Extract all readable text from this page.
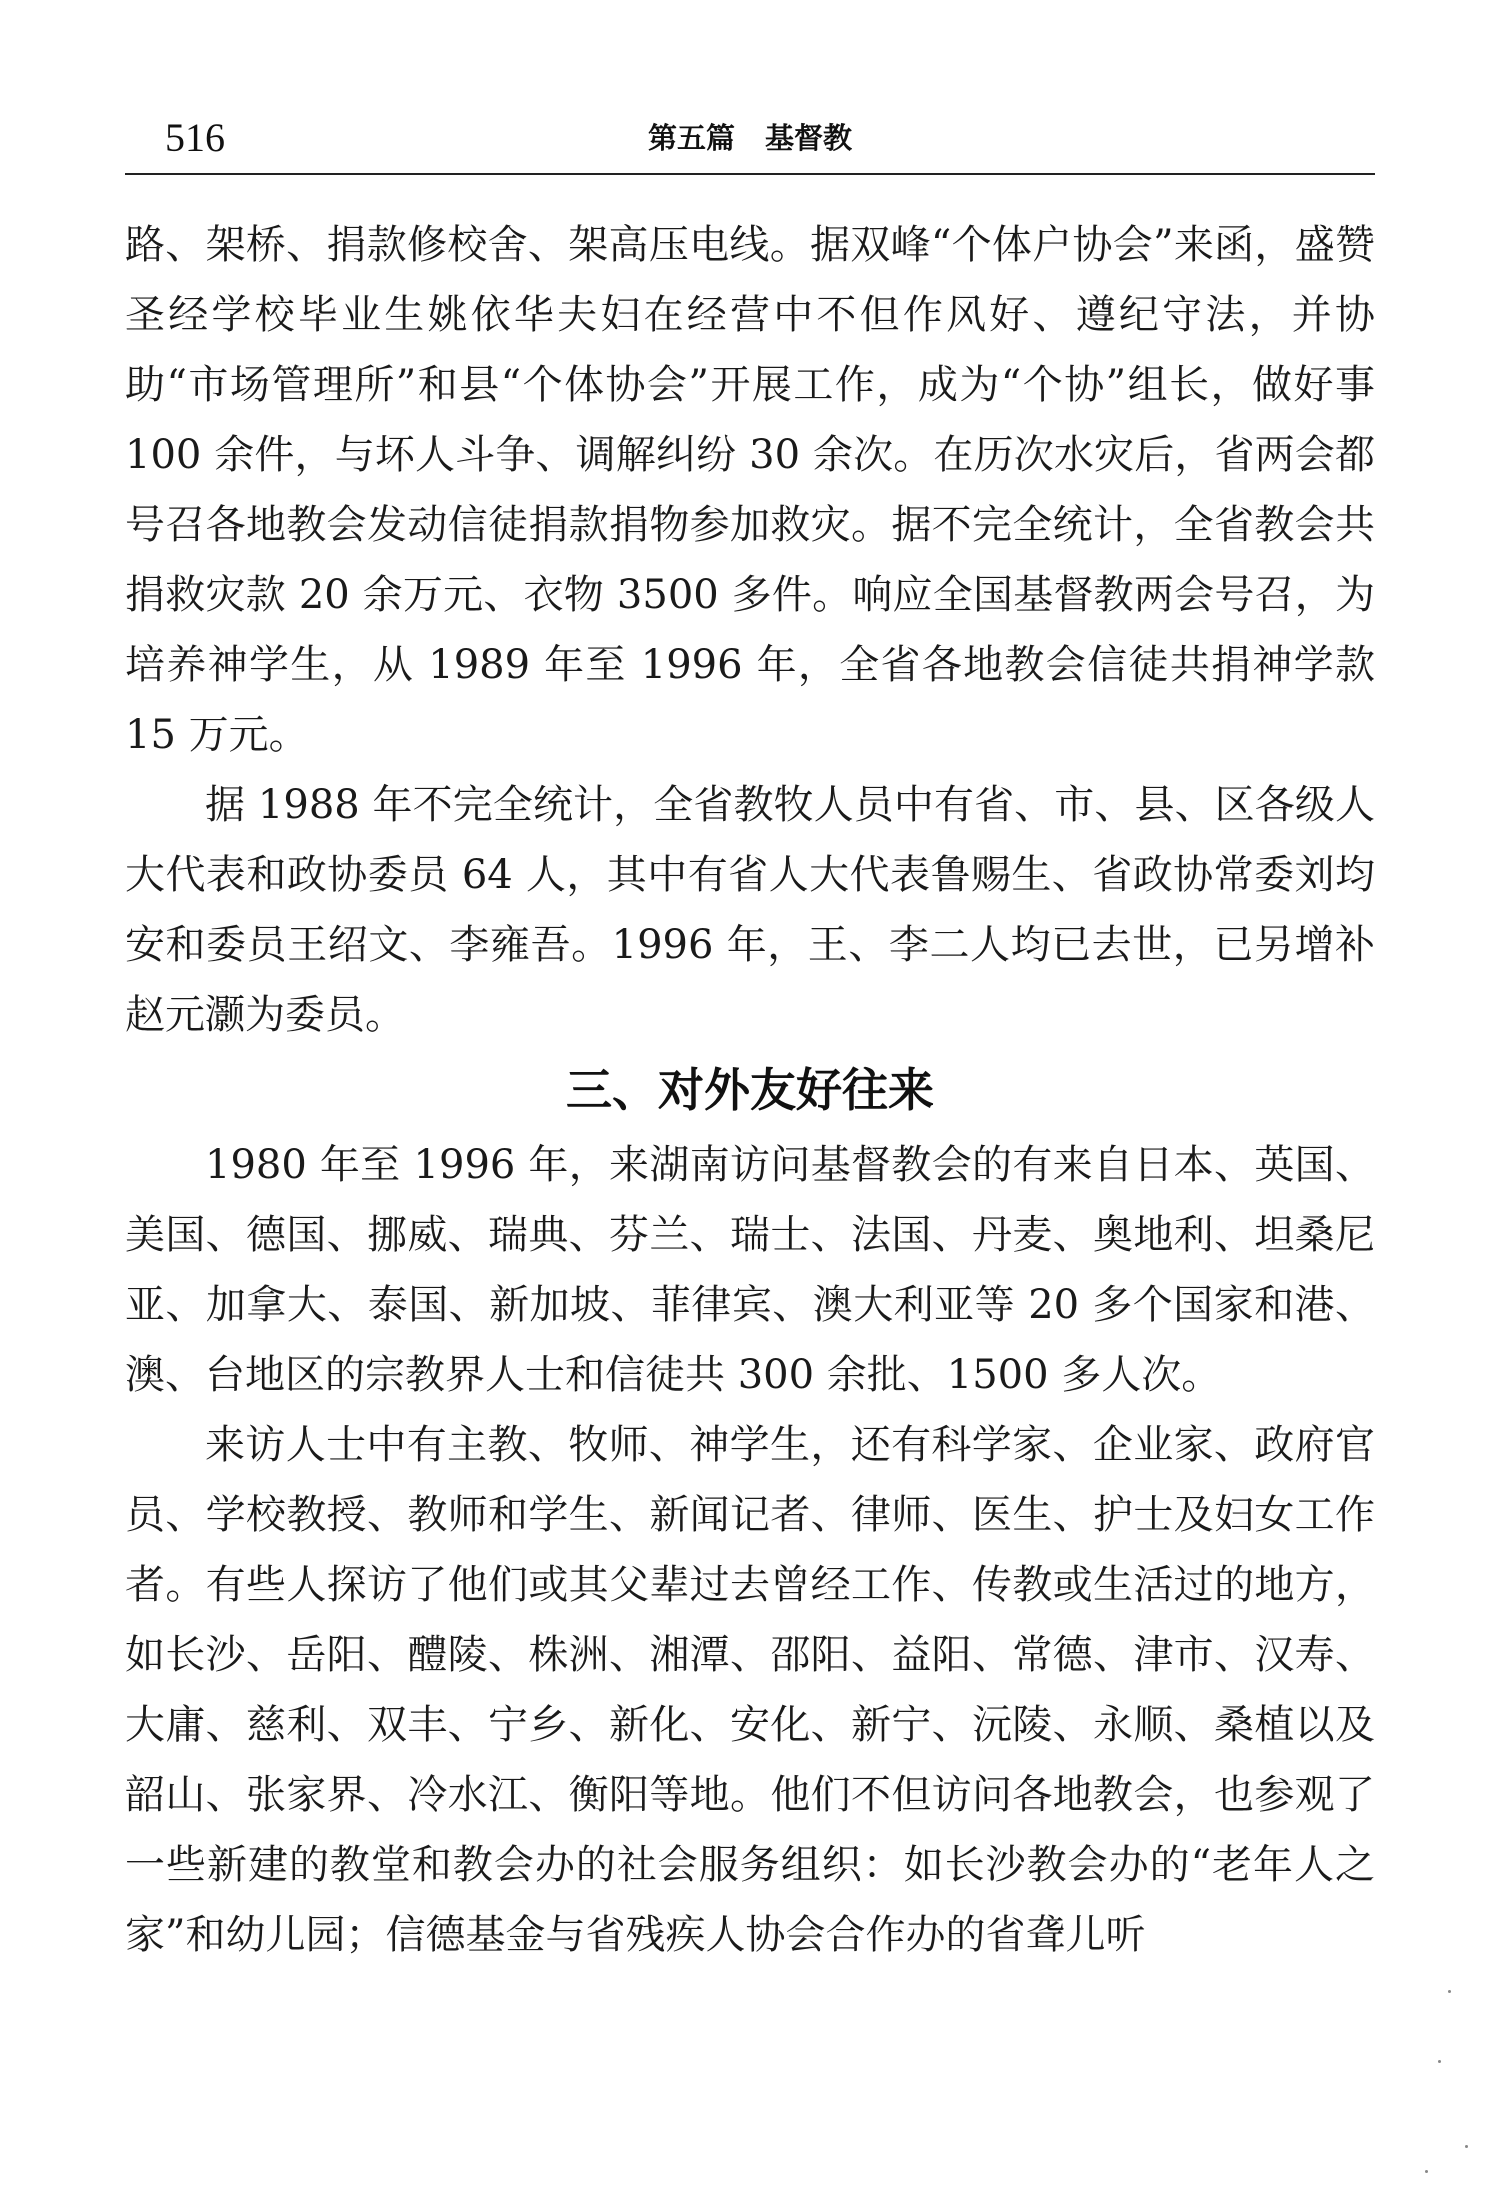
516	第五篇 基督教

路、架桥、捐款修校舍、架高压电线。据双峰“个体户协会”来函，盛赞圣经学校毕业生姚依华夫妇在经营中不但作风好、遵纪守法，并协助“市场管理所”和县“个体协会”开展工作，成为“个协”组长，做好事 100 余件，与坏人斗争、调解纠纷 30 余次。在历次水灾后，省两会都号召各地教会发动信徒捐款捐物参加救灾。据不完全统计，全省教会共捐救灾款 20 余万元、衣物 3500 多件。响应全国基督教两会号召，为培养神学生，从 1989 年至 1996 年，全省各地教会信徒共捐神学款 15 万元。

据 1988 年不完全统计，全省教牧人员中有省、市、县、区各级人大代表和政协委员 64 人，其中有省人大代表鲁赐生、省政协常委刘均安和委员王绍文、李雍吾。1996 年，王、李二人均已去世，已另增补赵元灏为委员。

三、对外友好往来

1980 年至 1996 年，来湖南访问基督教会的有来自日本、英国、美国、德国、挪威、瑞典、芬兰、瑞士、法国、丹麦、奥地利、坦桑尼亚、加拿大、泰国、新加坡、菲律宾、澳大利亚等 20 多个国家和港、澳、台地区的宗教界人士和信徒共 300 余批、1500 多人次。

来访人士中有主教、牧师、神学生，还有科学家、企业家、政府官员、学校教授、教师和学生、新闻记者、律师、医生、护士及妇女工作者。有些人探访了他们或其父辈过去曾经工作、传教或生活过的地方，如长沙、岳阳、醴陵、株洲、湘潭、邵阳、益阳、常德、津市、汉寿、大庸、慈利、双丰、宁乡、新化、安化、新宁、沅陵、永顺、桑植以及韶山、张家界、冷水江、衡阳等地。他们不但访问各地教会，也参观了一些新建的教堂和教会办的社会服务组织：如长沙教会办的“老年人之家”和幼儿园；信德基金与省残疾人协会合作办的省聋儿听
